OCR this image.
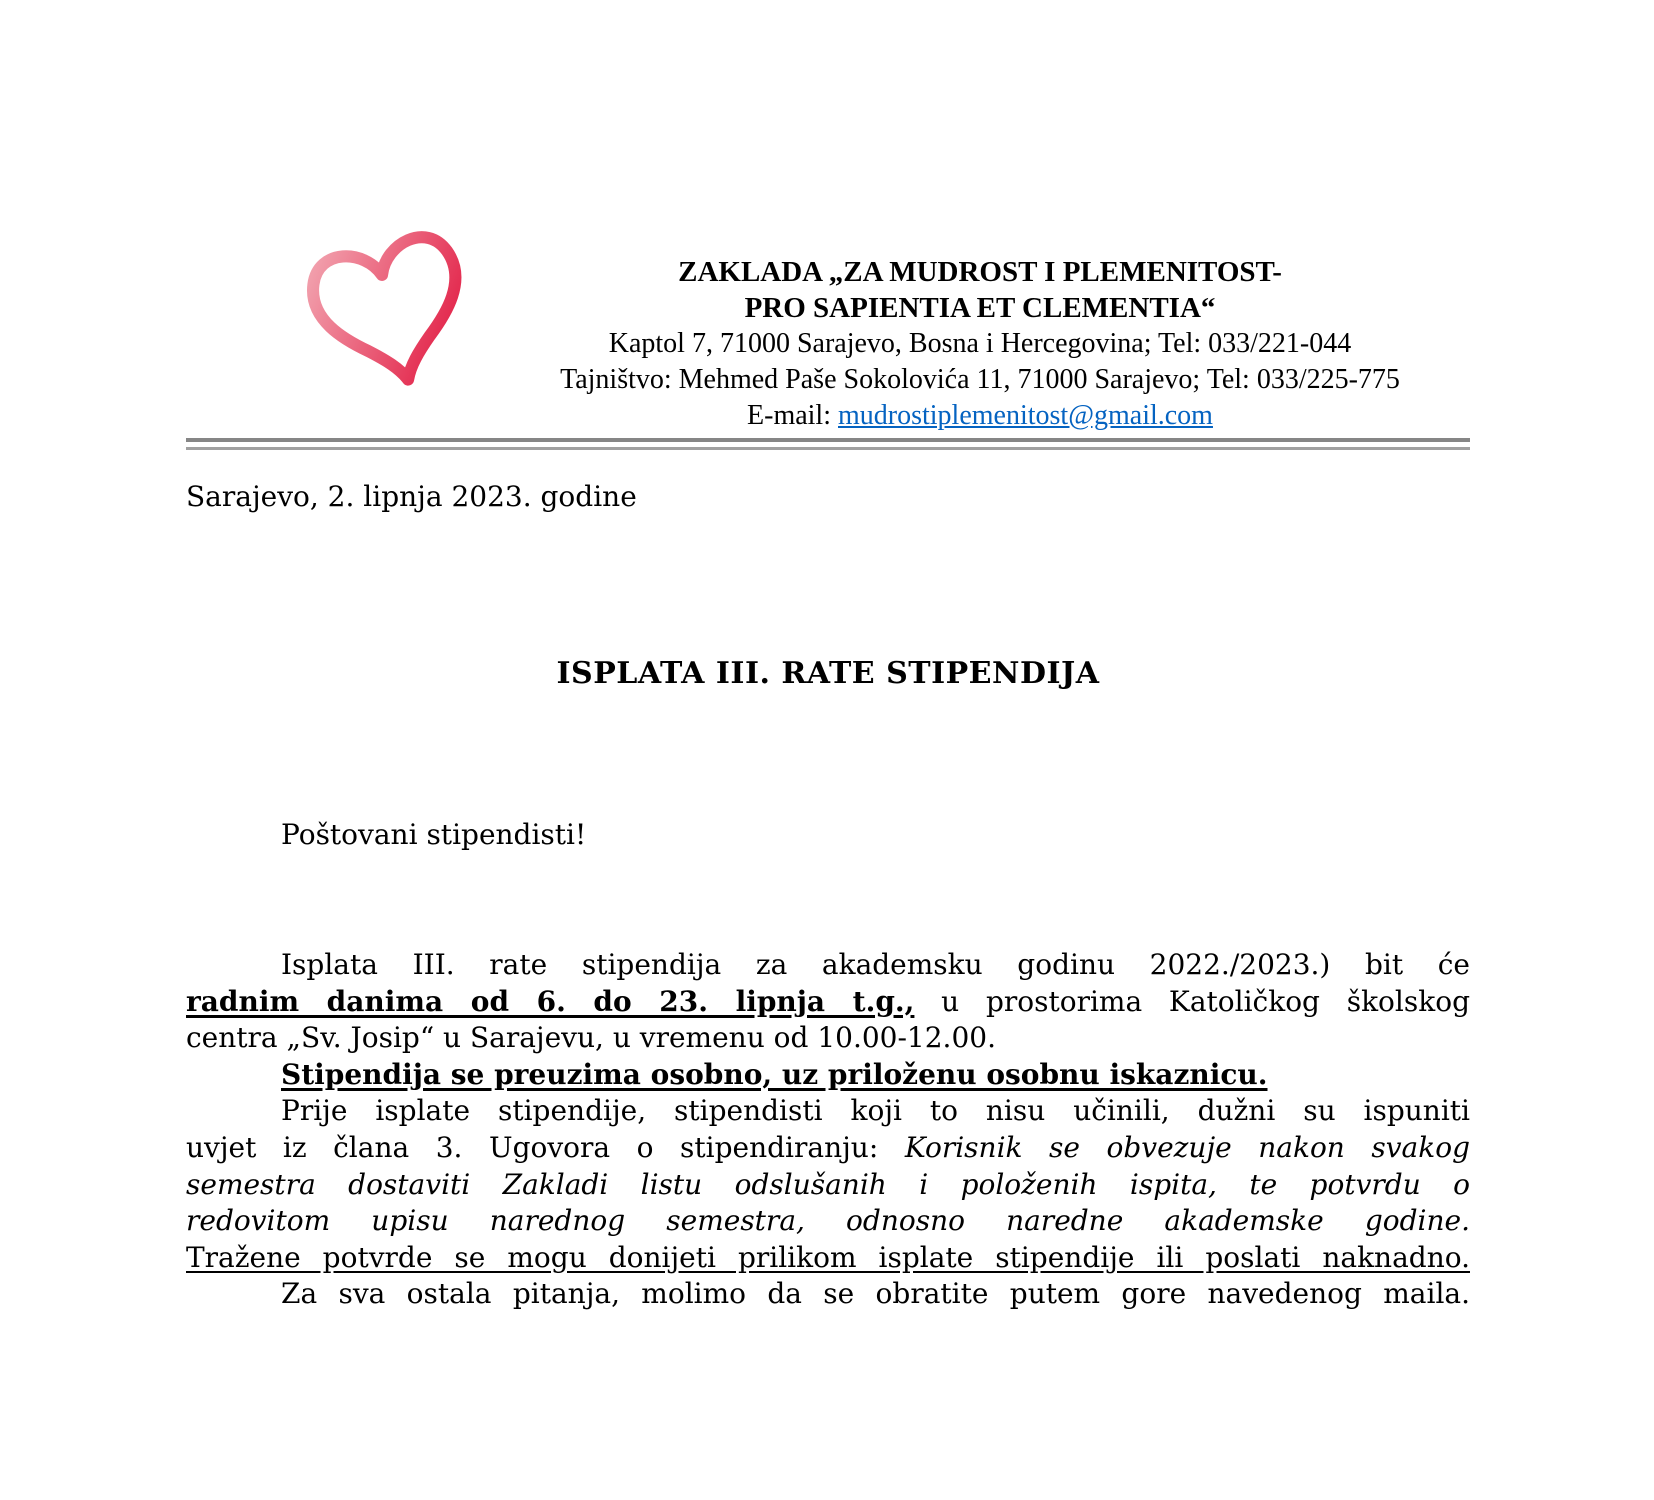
ZAKLADA „ZA MUDROST I PLEMENITOST-
PRO SAPIENTIA ET CLEMENTIA“
Kaptol 7, 71000 Sarajevo, Bosna i Hercegovina; Tel: 033/221-044
Tajništvo: Mehmed Paše Sokolovića 11, 71000 Sarajevo; Tel: 033/225-775
E-mail: mudrostiplemenitost@gmail.com
Sarajevo, 2. lipnja 2023. godine
ISPLATA III. RATE STIPENDIJA
Poštovani stipendisti!
Isplata III. rate stipendija za akademsku godinu 2022./2023.) bit će
radnim danima od 6. do 23. lipnja t.g., u prostorima Katoličkog školskog
centra „Sv. Josip“ u Sarajevu, u vremenu od 10.00-12.00.
Stipendija se preuzima osobno, uz priloženu osobnu iskaznicu.
Prije isplate stipendije, stipendisti koji to nisu učinili, dužni su ispuniti
uvjet iz člana 3. Ugovora o stipendiranju: Korisnik se obvezuje nakon svakog
semestra dostaviti Zakladi listu odslušanih i položenih ispita, te potvrdu o
redovitom upisu narednog semestra, odnosno naredne akademske godine.
Tražene potvrde se mogu donijeti prilikom isplate stipendije ili poslati naknadno.
Za sva ostala pitanja, molimo da se obratite putem gore navedenog maila.
